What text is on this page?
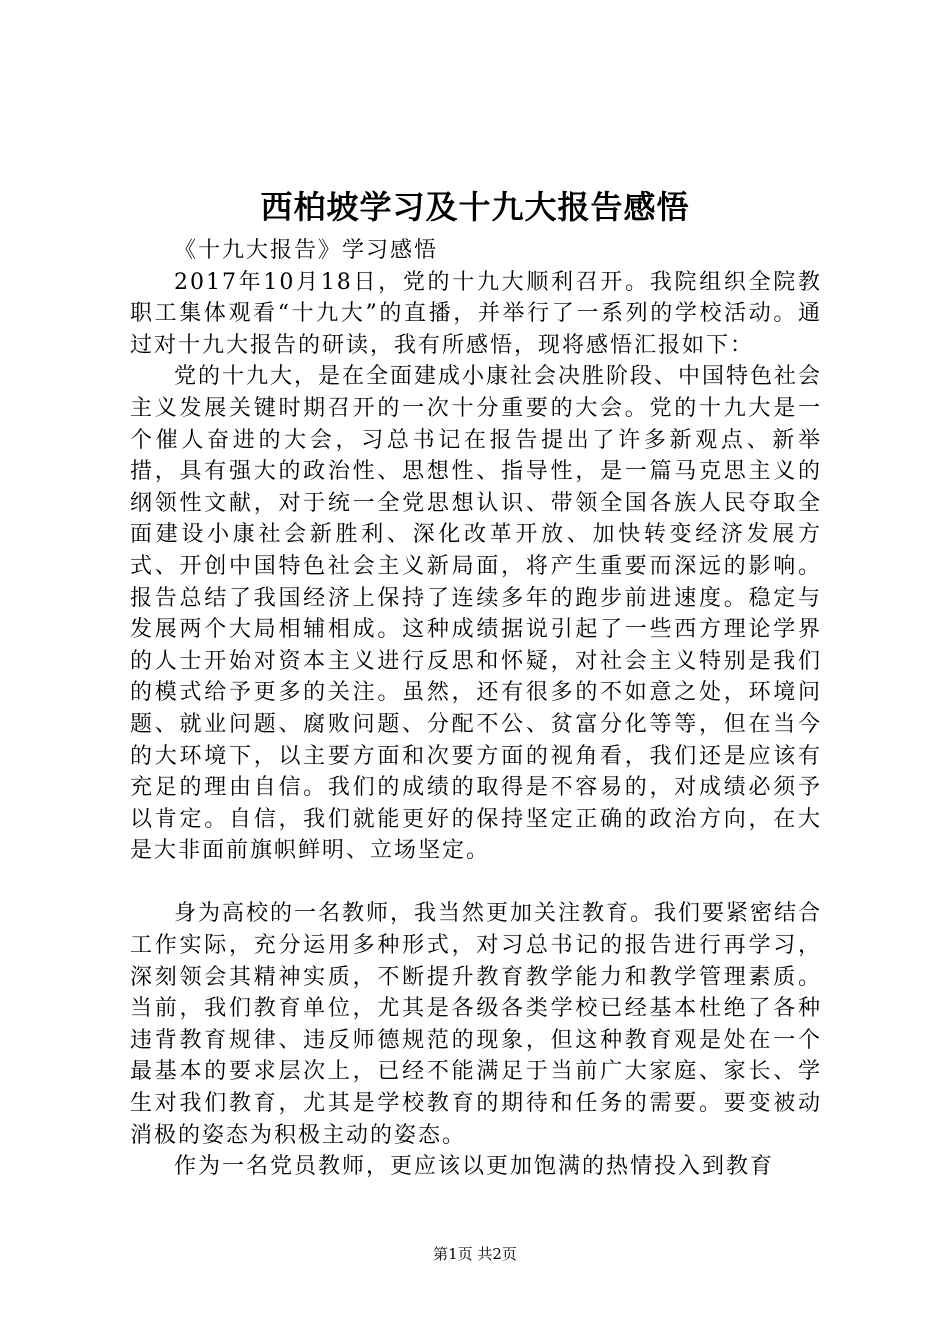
西柏坡学习及十九大报告感悟

《十九大报告》学习感悟

2017年10月18日，党的十九大顺利召开。我院组织全院教职工集体观看“十九大”的直播，并举行了一系列的学校活动。通过对十九大报告的研读，我有所感悟，现将感悟汇报如下：

党的十九大，是在全面建成小康社会决胜阶段、中国特色社会主义发展关键时期召开的一次十分重要的大会。党的十九大是一个催人奋进的大会，习总书记在报告提出了许多新观点、新举措，具有强大的政治性、思想性、指导性，是一篇马克思主义的纲领性文献，对于统一全党思想认识、带领全国各族人民夺取全面建设小康社会新胜利、深化改革开放、加快转变经济发展方式、开创中国特色社会主义新局面，将产生重要而深远的影响。报告总结了我国经济上保持了连续多年的跑步前进速度。稳定与发展两个大局相辅相成。这种成绩据说引起了一些西方理论学界的人士开始对资本主义进行反思和怀疑，对社会主义特别是我们的模式给予更多的关注。虽然，还有很多的不如意之处，环境问题、就业问题、腐败问题、分配不公、贫富分化等等，但在当今的大环境下，以主要方面和次要方面的视角看，我们还是应该有充足的理由自信。我们的成绩的取得是不容易的，对成绩必须予以肯定。自信，我们就能更好的保持坚定正确的政治方向，在大是大非面前旗帜鲜明、立场坚定。

身为高校的一名教师，我当然更加关注教育。我们要紧密结合工作实际，充分运用多种形式，对习总书记的报告进行再学习，深刻领会其精神实质，不断提升教育教学能力和教学管理素质。当前，我们教育单位，尤其是各级各类学校已经基本杜绝了各种违背教育规律、违反师德规范的现象，但这种教育观是处在一个最基本的要求层次上，已经不能满足于当前广大家庭、家长、学生对我们教育，尤其是学校教育的期待和任务的需要。要变被动消极的姿态为积极主动的姿态。

作为一名党员教师，更应该以更加饱满的热情投入到教育

第1页 共2页
